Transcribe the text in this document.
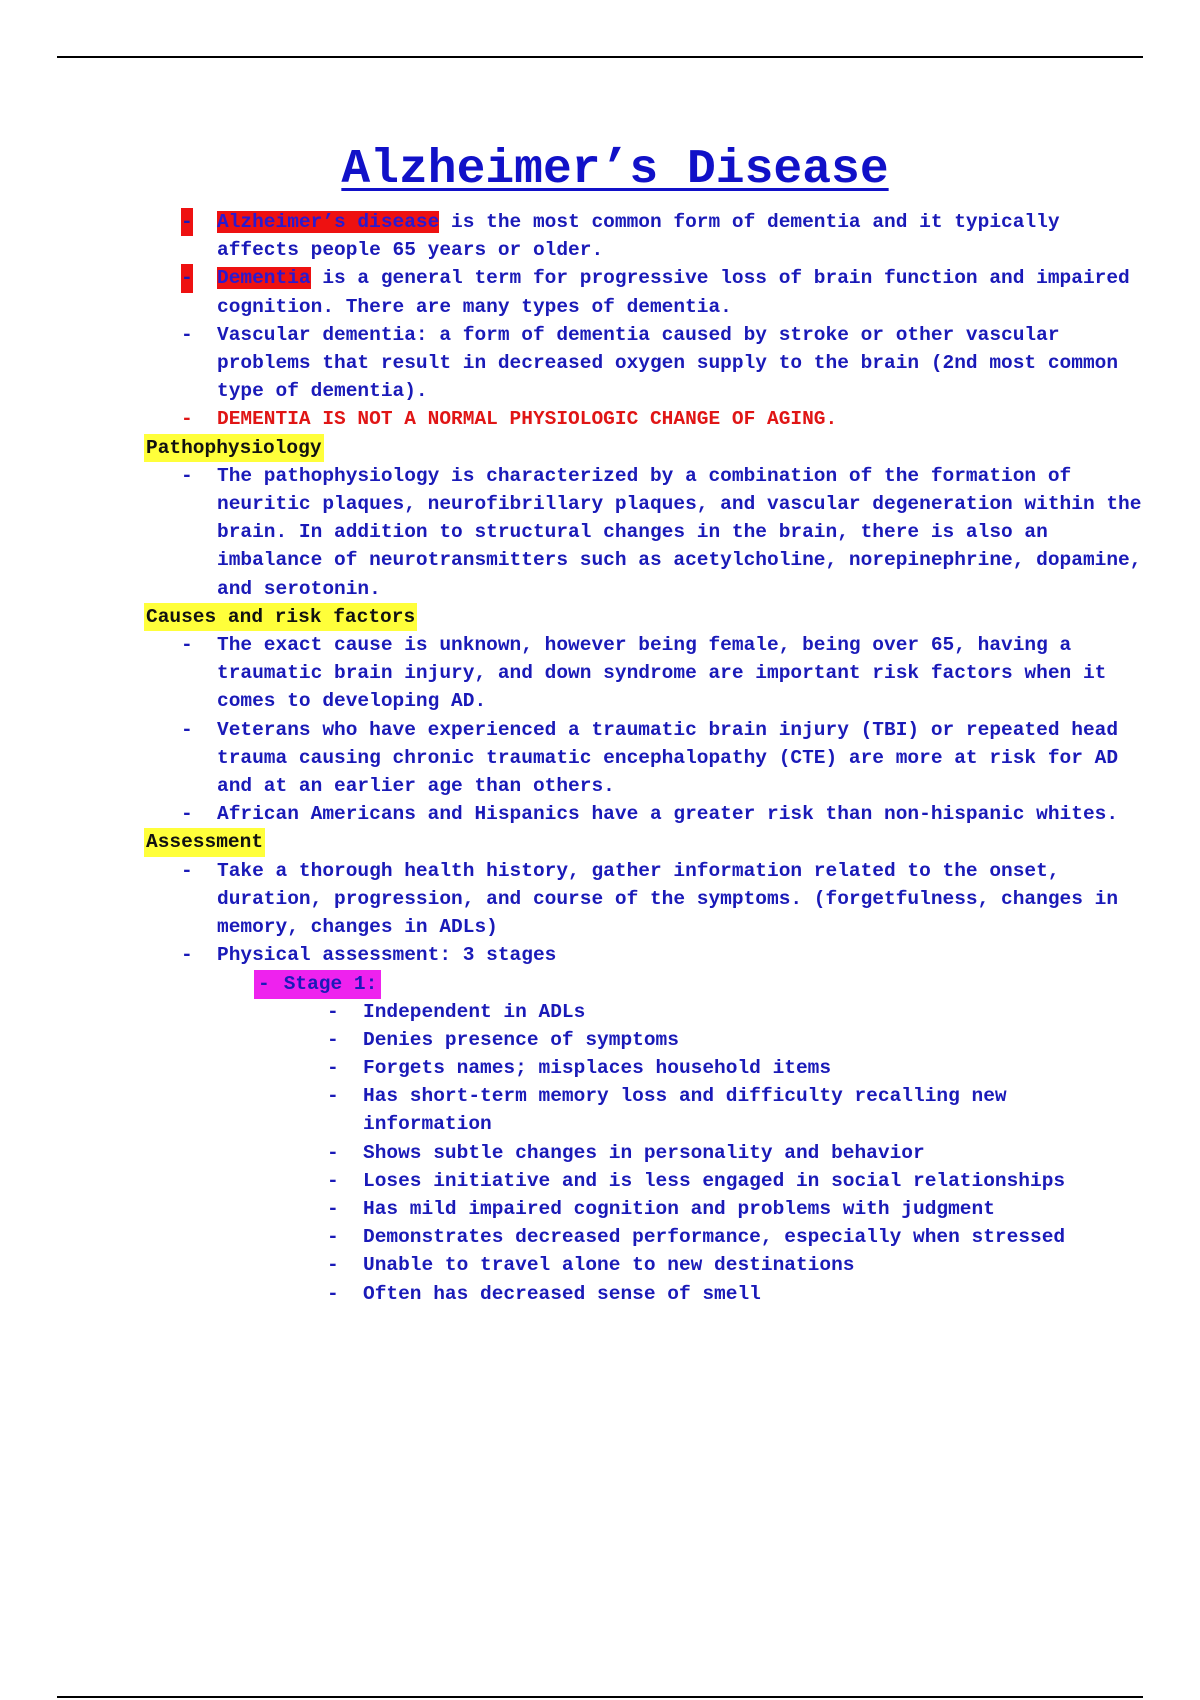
Alzheimer’s Disease
- Alzheimer’s disease is the most common form of dementia and it typically affects people 65 years or older.
- Dementia is a general term for progressive loss of brain function and impaired cognition. There are many types of dementia.
- Vascular dementia: a form of dementia caused by stroke or other vascular problems that result in decreased oxygen supply to the brain (2nd most common type of dementia).
- DEMENTIA IS NOT A NORMAL PHYSIOLOGIC CHANGE OF AGING.
Pathophysiology
- The pathophysiology is characterized by a combination of the formation of neuritic plaques, neurofibrillary plaques, and vascular degeneration within the brain. In addition to structural changes in the brain, there is also an imbalance of neurotransmitters such as acetylcholine, norepinephrine, dopamine, and serotonin.
Causes and risk factors
- The exact cause is unknown, however being female, being over 65, having a traumatic brain injury, and down syndrome are important risk factors when it comes to developing AD.
- Veterans who have experienced a traumatic brain injury (TBI) or repeated head trauma causing chronic traumatic encephalopathy (CTE) are more at risk for AD and at an earlier age than others.
- African Americans and Hispanics have a greater risk than non-hispanic whites.
Assessment
- Take a thorough health history, gather information related to the onset, duration, progression, and course of the symptoms. (forgetfulness, changes in memory, changes in ADLs)
- Physical assessment: 3 stages
- Stage 1:
- Independent in ADLs
- Denies presence of symptoms
- Forgets names; misplaces household items
- Has short-term memory loss and difficulty recalling new information
- Shows subtle changes in personality and behavior
- Loses initiative and is less engaged in social relationships
- Has mild impaired cognition and problems with judgment
- Demonstrates decreased performance, especially when stressed
- Unable to travel alone to new destinations
- Often has decreased sense of smell
